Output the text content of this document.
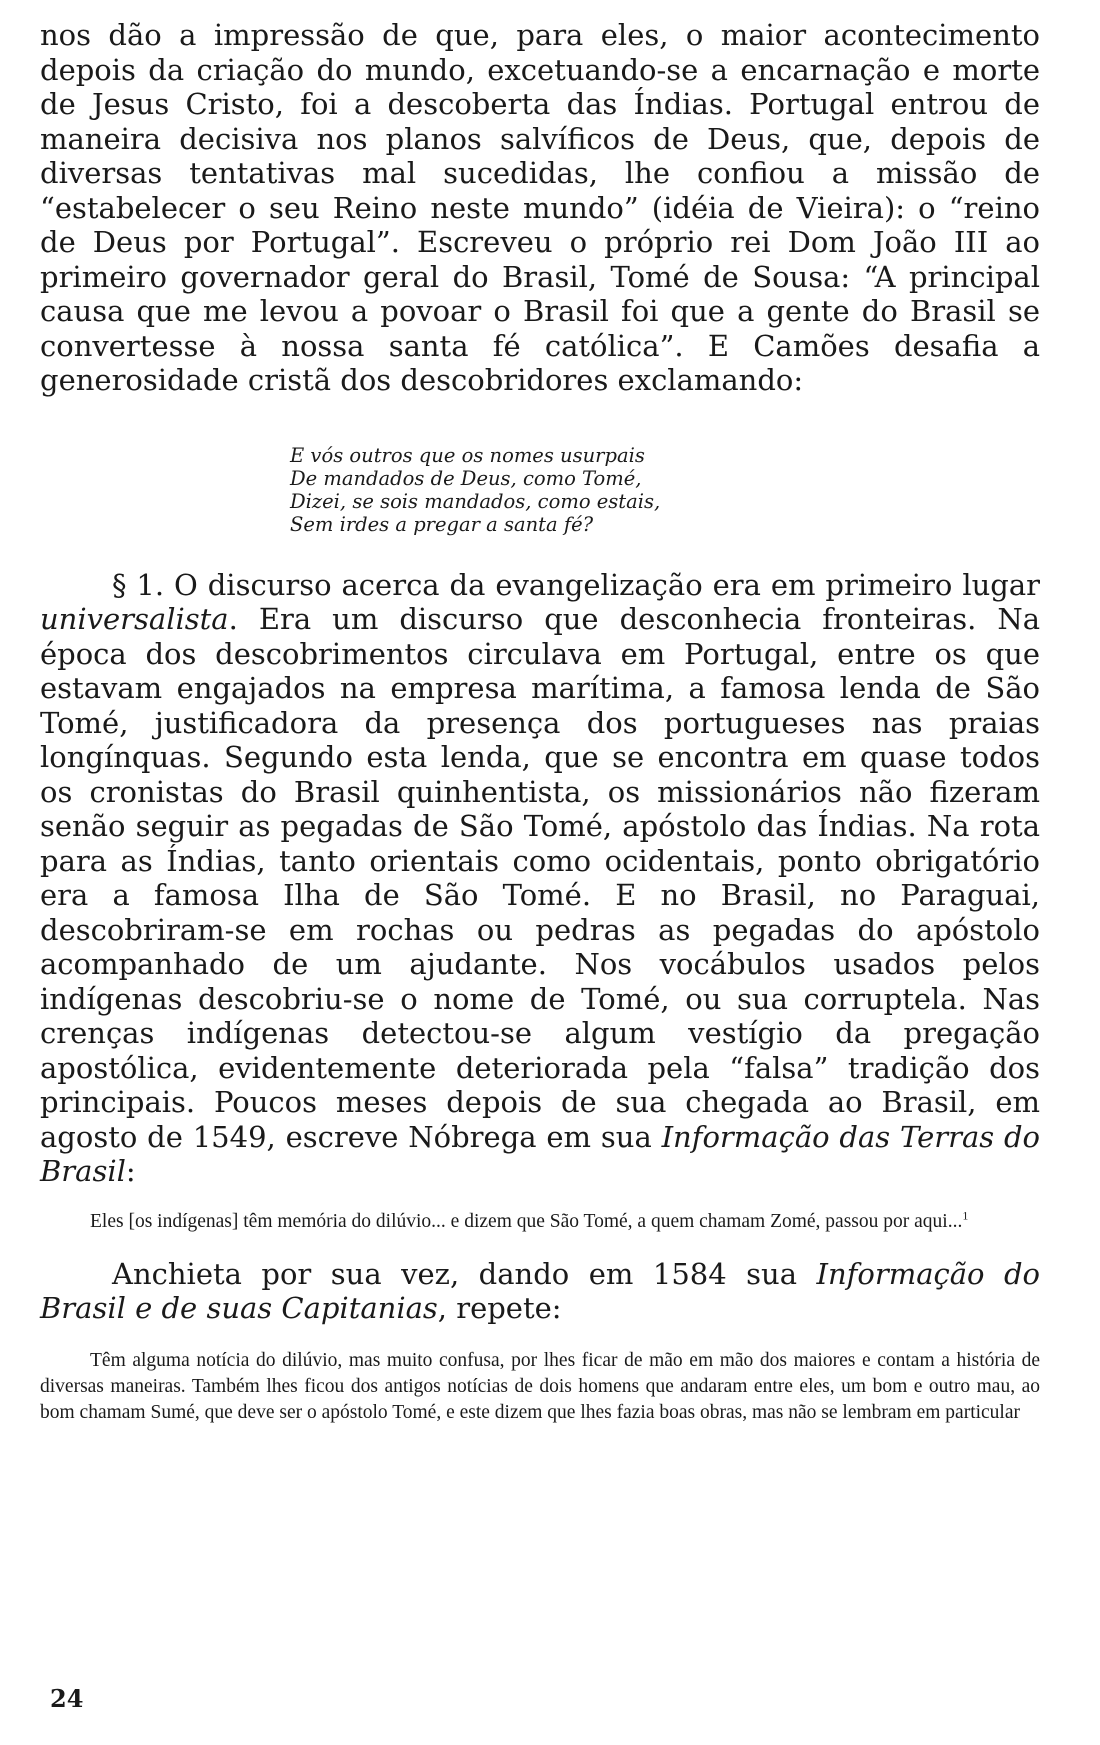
nos dão a impressão de que, para eles, o maior acontecimento depois da criação do mundo, excetuando-se a encarnação e morte de Jesus Cristo, foi a descoberta das Índias. Portugal entrou de maneira decisiva nos planos salvíficos de Deus, que, depois de diversas tentativas mal sucedidas, lhe confiou a missão de “estabelecer o seu Reino neste mundo” (idéia de Vieira): o “reino de Deus por Portugal”. Escreveu o próprio rei Dom João III ao primeiro governador geral do Brasil, Tomé de Sousa: “A principal causa que me levou a povoar o Brasil foi que a gente do Brasil se convertesse à nossa santa fé católica”. E Camões desafia a generosidade cristã dos descobridores exclamando:

E vós outros que os nomes usurpais
De mandados de Deus, como Tomé,
Dizei, se sois mandados, como estais,
Sem irdes a pregar a santa fé?

§ 1. O discurso acerca da evangelização era em primeiro lugar universalista. Era um discurso que desconhecia fronteiras. Na época dos descobrimentos circulava em Portugal, entre os que estavam engajados na empresa marítima, a famosa lenda de São Tomé, justificadora da presença dos portugueses nas praias longínquas. Segundo esta lenda, que se encontra em quase todos os cronistas do Brasil quinhentista, os missionários não fizeram senão seguir as pegadas de São Tomé, apóstolo das Índias. Na rota para as Índias, tanto orientais como ocidentais, ponto obrigatório era a famosa Ilha de São Tomé. E no Brasil, no Paraguai, descobriram-se em rochas ou pedras as pegadas do apóstolo acompanhado de um ajudante. Nos vocábulos usados pelos indígenas descobriu-se o nome de Tomé, ou sua corruptela. Nas crenças indígenas detectou-se algum vestígio da pregação apostólica, evidentemente deteriorada pela “falsa” tradição dos principais. Poucos meses depois de sua chegada ao Brasil, em agosto de 1549, escreve Nóbrega em sua Informação das Terras do Brasil:

Eles [os indígenas] têm memória do dilúvio... e dizem que São Tomé, a quem chamam Zomé, passou por aqui...$^1$

Anchieta por sua vez, dando em 1584 sua Informação do Brasil e de suas Capitanias, repete:

Têm alguma notícia do dilúvio, mas muito confusa, por lhes ficar de mão em mão dos maiores e contam a história de diversas maneiras. Também lhes ficou dos antigos notícias de dois homens que andaram entre eles, um bom e outro mau, ao bom chamam Sumé, que deve ser o apóstolo Tomé, e este dizem que lhes fazia boas obras, mas não se lembram em particular

24
